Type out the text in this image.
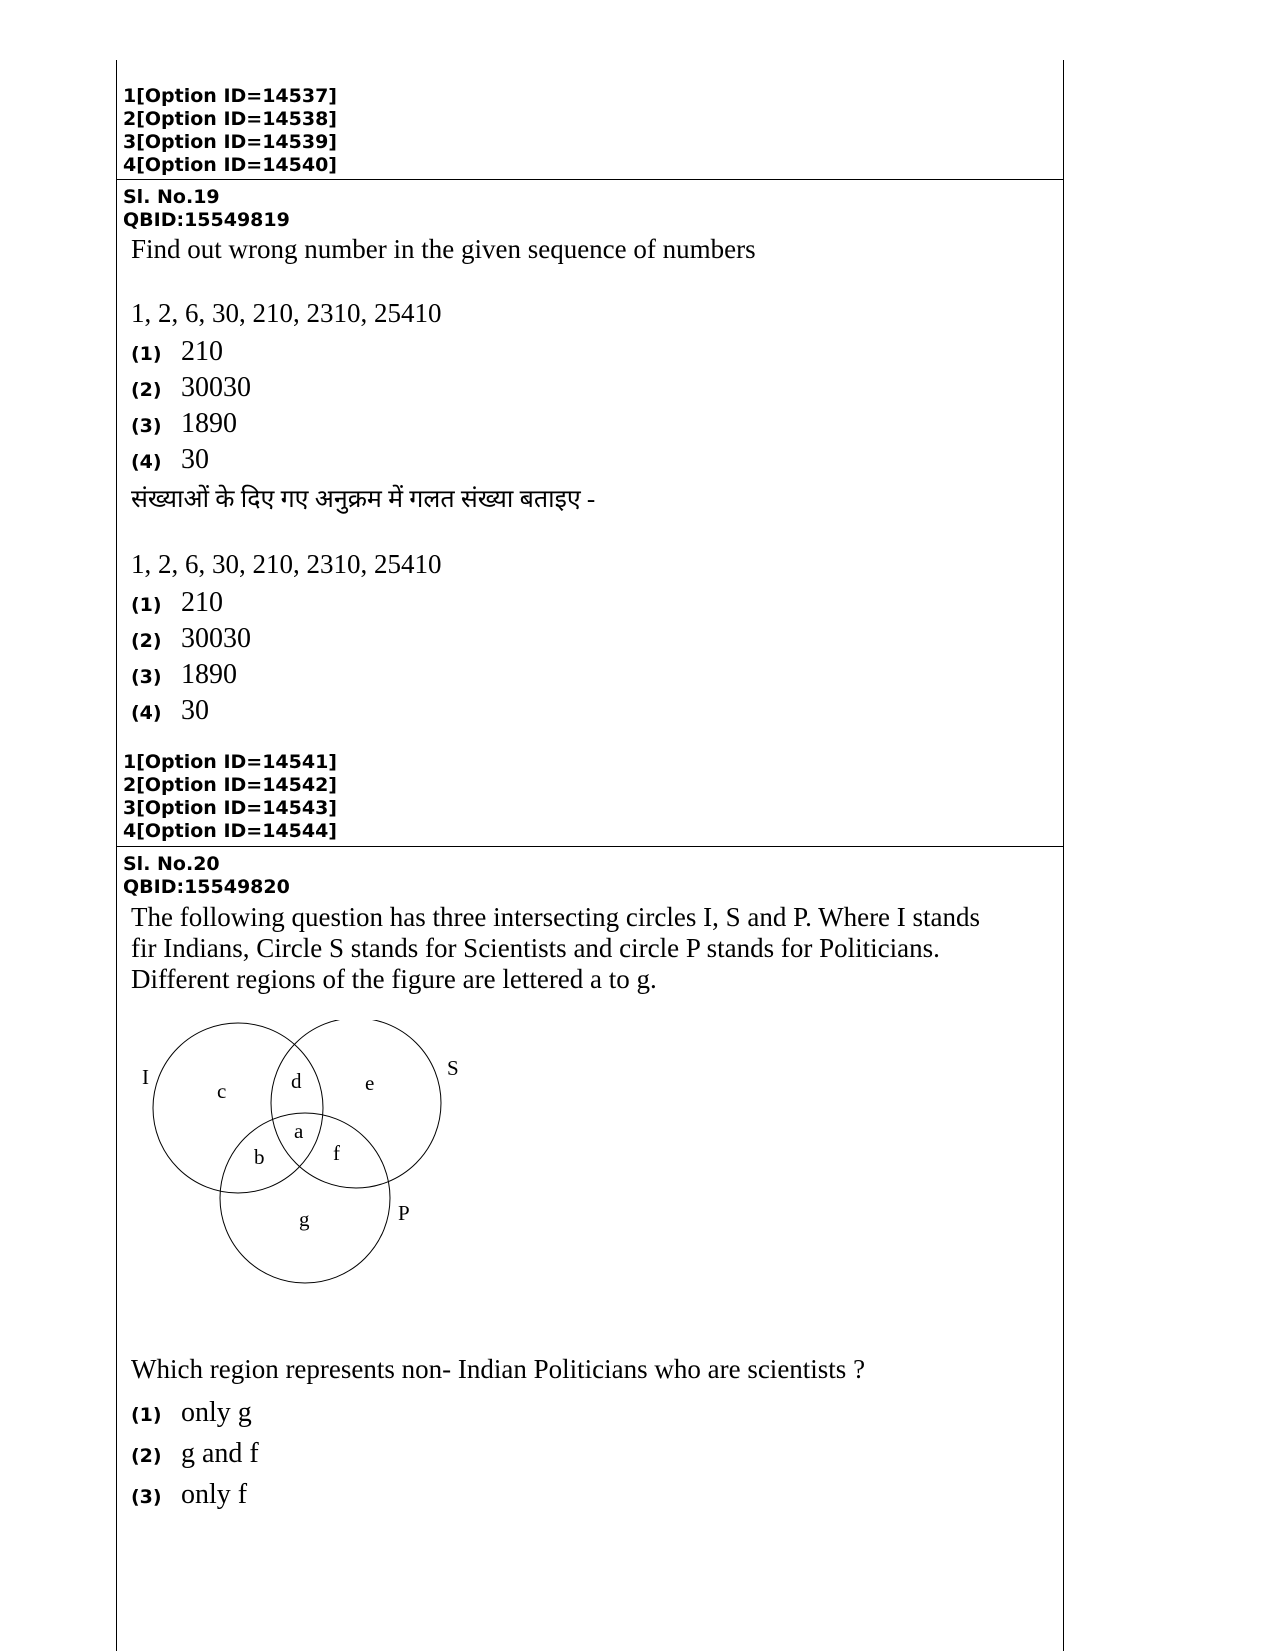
1[Option ID=14537]
2[Option ID=14538]
3[Option ID=14539]
4[Option ID=14540]
Sl. No.19
QBID:15549819
Find out wrong number in the given sequence of numbers
1, 2, 6, 30, 210, 2310, 25410
(1) 210
(2) 30030
(3) 1890
(4) 30
संख्याओं के दिए गए अनुक्रम में गलत संख्या बताइए -
1, 2, 6, 30, 210, 2310, 25410
(1) 210
(2) 30030
(3) 1890
(4) 30
1[Option ID=14541]
2[Option ID=14542]
3[Option ID=14543]
4[Option ID=14544]
Sl. No.20
QBID:15549820
The following question has three intersecting circles I, S and P. Where I stands
fir Indians, Circle S stands for Scientists and circle P stands for Politicians.
Different regions of the figure are lettered a to g.
I	S
P
a
b
c	d	e
f
g
Which region represents non- Indian Politicians who are scientists ?
(1) only g
(2) g and f
(3) only f
